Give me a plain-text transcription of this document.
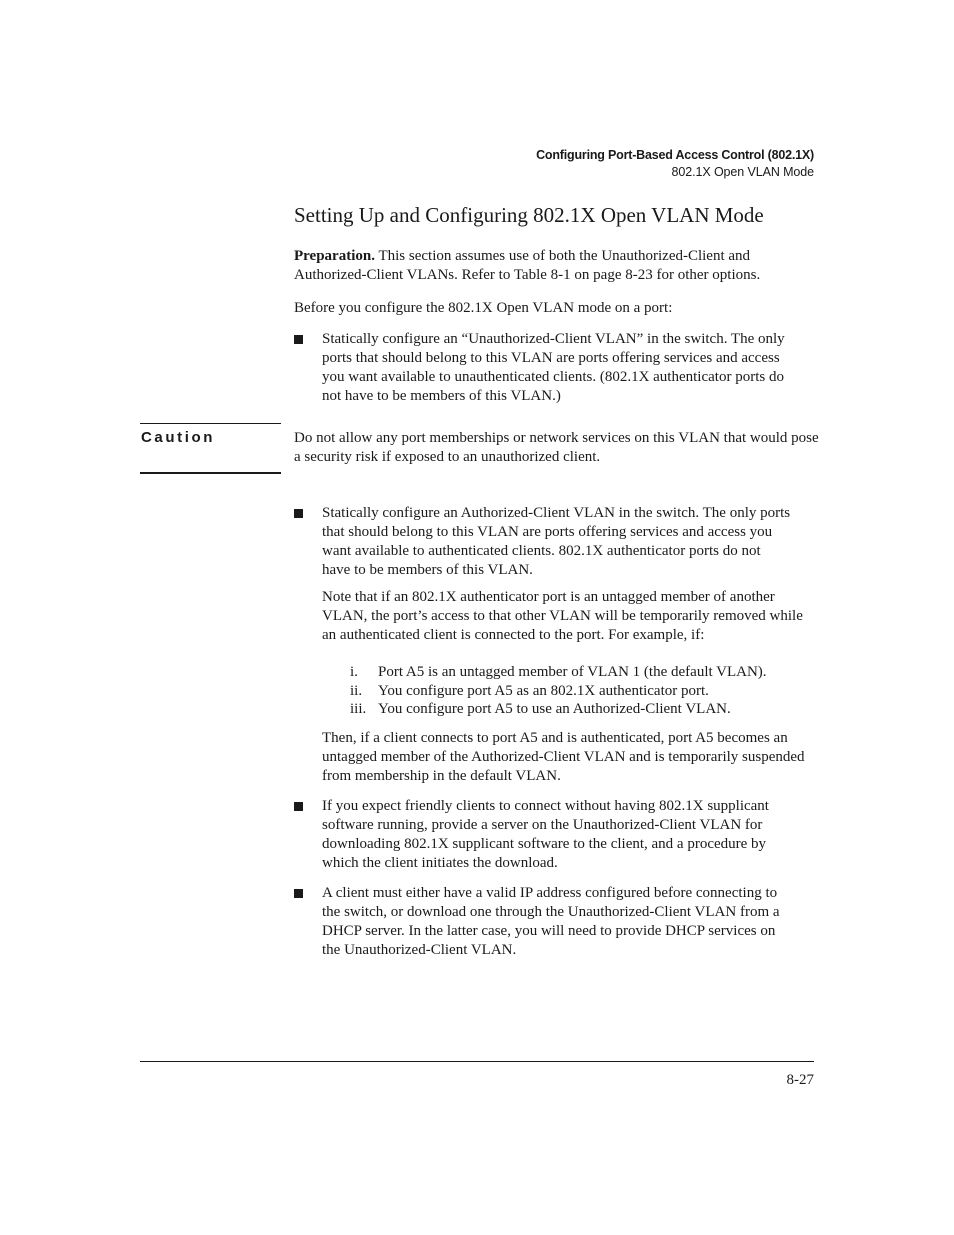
Configuring Port-Based Access Control (802.1X)
802.1X Open VLAN Mode
Setting Up and Configuring 802.1X Open VLAN Mode
Preparation. This section assumes use of both the Unauthorized-Client and Authorized-Client VLANs. Refer to Table 8-1 on page 8-23 for other options.
Before you configure the 802.1X Open VLAN mode on a port:
Statically configure an “Unauthorized-Client VLAN” in the switch. The only ports that should belong to this VLAN are ports offering services and access you want available to unauthenticated clients. (802.1X authenticator ports do not have to be members of this VLAN.)
Caution	Do not allow any port memberships or network services on this VLAN that would pose a security risk if exposed to an unauthorized client.
Statically configure an Authorized-Client VLAN in the switch. The only ports that should belong to this VLAN are ports offering services and access you want available to authenticated clients. 802.1X authenticator ports do not have to be members of this VLAN.
Note that if an 802.1X authenticator port is an untagged member of another VLAN, the port’s access to that other VLAN will be temporarily removed while an authenticated client is connected to the port. For example, if:
i. Port A5 is an untagged member of VLAN 1 (the default VLAN).
ii. You configure port A5 as an 802.1X authenticator port.
iii. You configure port A5 to use an Authorized-Client VLAN.
Then, if a client connects to port A5 and is authenticated, port A5 becomes an untagged member of the Authorized-Client VLAN and is temporarily suspended from membership in the default VLAN.
If you expect friendly clients to connect without having 802.1X supplicant software running, provide a server on the Unauthorized-Client VLAN for downloading 802.1X supplicant software to the client, and a procedure by which the client initiates the download.
A client must either have a valid IP address configured before connecting to the switch, or download one through the Unauthorized-Client VLAN from a DHCP server. In the latter case, you will need to provide DHCP services on the Unauthorized-Client VLAN.
8-27
